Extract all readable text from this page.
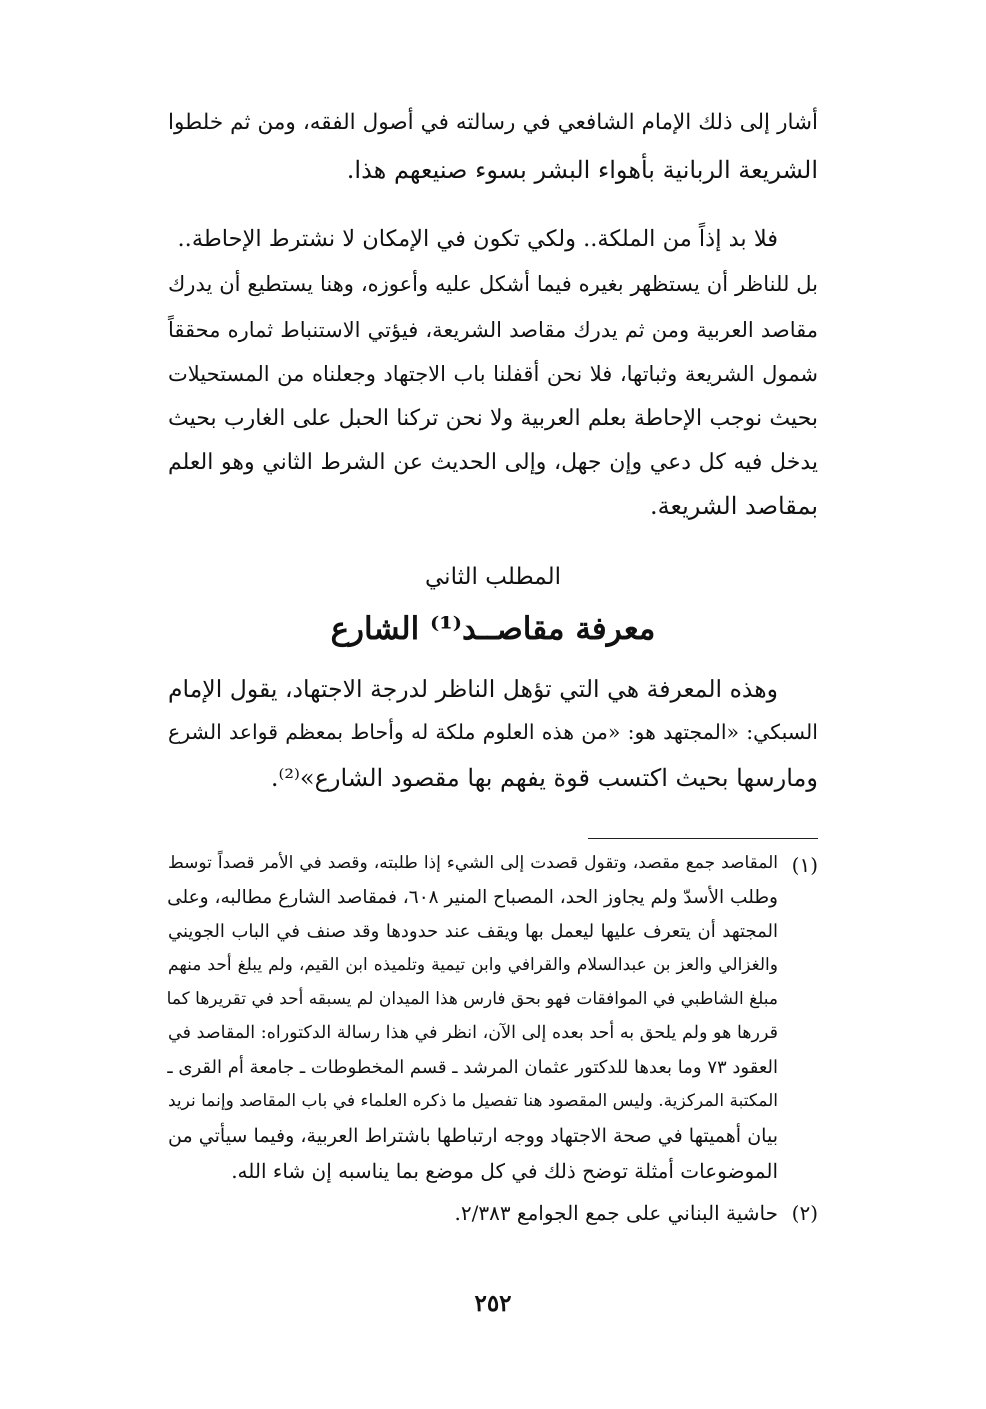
أشار إلى ذلك الإمام الشافعي في رسالته في أصول الفقه، ومن ثم خلطوا
الشريعة الربانية بأهواء البشر بسوء صنيعهم هذا.
فلا بد إذاً من الملكة.. ولكي تكون في الإمكان لا نشترط الإحاطة..
بل للناظر أن يستظهر بغيره فيما أشكل عليه وأعوزه، وهنا يستطيع أن يدرك
مقاصد العربية ومن ثم يدرك مقاصد الشريعة، فيؤتي الاستنباط ثماره محققاً
شمول الشريعة وثباتها، فلا نحن أقفلنا باب الاجتهاد وجعلناه من المستحيلات
بحيث نوجب الإحاطة بعلم العربية ولا نحن تركنا الحبل على الغارب بحيث
يدخل فيه كل دعي وإن جهل، وإلى الحديث عن الشرط الثاني وهو العلم
بمقاصد الشريعة.
المطلب الثاني
معرفة مقاصــد⁽¹⁾ الشارع
وهذه المعرفة هي التي تؤهل الناظر لدرجة الاجتهاد، يقول الإمام
السبكي: «المجتهد هو: «من هذه العلوم ملكة له وأحاط بمعظم قواعد الشرع
ومارسها بحيث اكتسب قوة يفهم بها مقصود الشارع»⁽²⁾.
(١)
المقاصد جمع مقصد، وتقول قصدت إلى الشيء إذا طلبته، وقصد في الأمر قصداً توسط
وطلب الأسدّ ولم يجاوز الحد، المصباح المنير ٦٠٨، فمقاصد الشارع مطالبه، وعلى
المجتهد أن يتعرف عليها ليعمل بها ويقف عند حدودها وقد صنف في الباب الجويني
والغزالي والعز بن عبدالسلام والقرافي وابن تيمية وتلميذه ابن القيم، ولم يبلغ أحد منهم
مبلغ الشاطبي في الموافقات فهو بحق فارس هذا الميدان لم يسبقه أحد في تقريرها كما
قررها هو ولم يلحق به أحد بعده إلى الآن، انظر في هذا رسالة الدكتوراه: المقاصد في
العقود ٧٣ وما بعدها للدكتور عثمان المرشد ـ قسم المخطوطات ـ جامعة أم القرى ـ
المكتبة المركزية. وليس المقصود هنا تفصيل ما ذكره العلماء في باب المقاصد وإنما نريد
بيان أهميتها في صحة الاجتهاد ووجه ارتباطها باشتراط العربية، وفيما سيأتي من
الموضوعات أمثلة توضح ذلك في كل موضع بما يناسبه إن شاء الله.
(٢)
حاشية البناني على جمع الجوامع ٢/٣٨٣.
٢٥٢
